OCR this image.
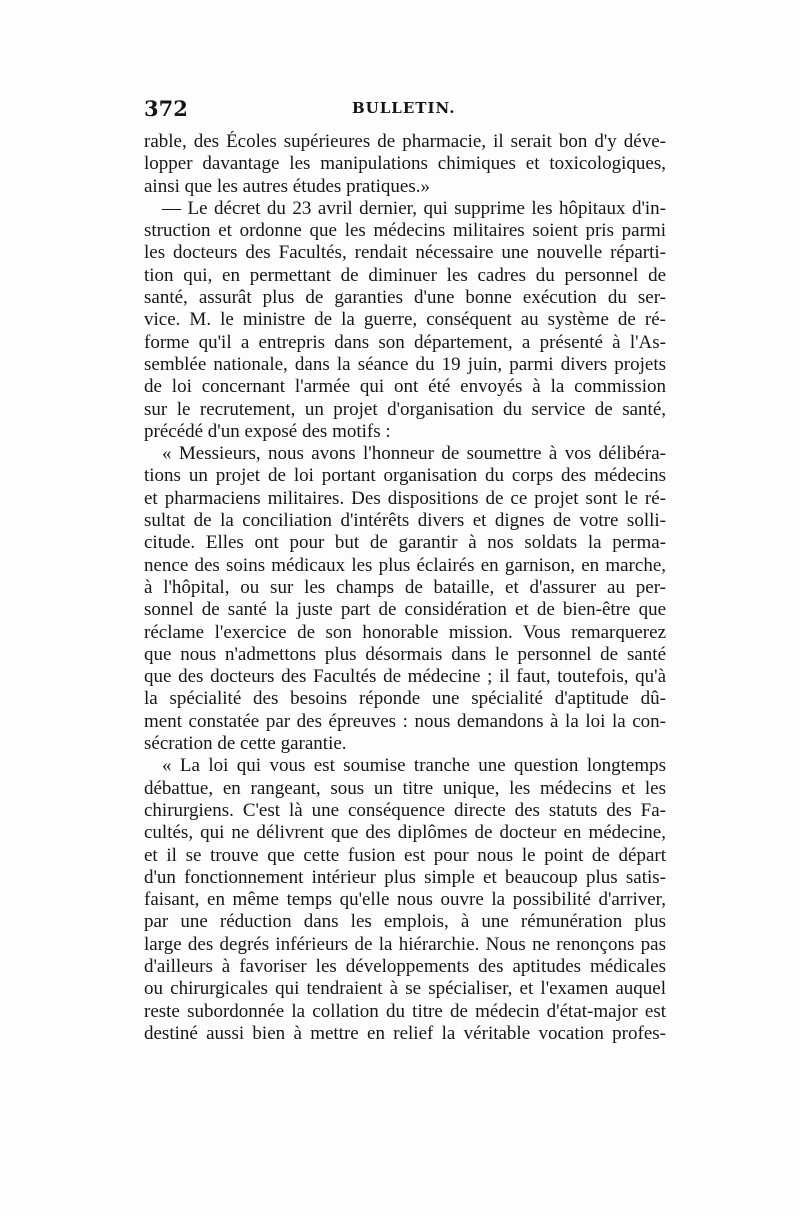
372	BULLETIN.
rable, des Écoles supérieures de pharmacie, il serait bon d'y déve-
lopper davantage les manipulations chimiques et toxicologiques,
ainsi que les autres études pratiques.»
— Le décret du 23 avril dernier, qui supprime les hôpitaux d'in-
struction et ordonne que les médecins militaires soient pris parmi
les docteurs des Facultés, rendait nécessaire une nouvelle réparti-
tion qui, en permettant de diminuer les cadres du personnel de
santé, assurât plus de garanties d'une bonne exécution du ser-
vice. M. le ministre de la guerre, conséquent au système de ré-
forme qu'il a entrepris dans son département, a présenté à l'As-
semblée nationale, dans la séance du 19 juin, parmi divers projets
de loi concernant l'armée qui ont été envoyés à la commission
sur le recrutement, un projet d'organisation du service de santé,
précédé d'un exposé des motifs :
« Messieurs, nous avons l'honneur de soumettre à vos délibéra-
tions un projet de loi portant organisation du corps des médecins
et pharmaciens militaires. Des dispositions de ce projet sont le ré-
sultat de la conciliation d'intérêts divers et dignes de votre solli-
citude. Elles ont pour but de garantir à nos soldats la perma-
nence des soins médicaux les plus éclairés en garnison, en marche,
à l'hôpital, ou sur les champs de bataille, et d'assurer au per-
sonnel de santé la juste part de considération et de bien-être que
réclame l'exercice de son honorable mission. Vous remarquerez
que nous n'admettons plus désormais dans le personnel de santé
que des docteurs des Facultés de médecine ; il faut, toutefois, qu'à
la spécialité des besoins réponde une spécialité d'aptitude dû-
ment constatée par des épreuves : nous demandons à la loi la con-
sécration de cette garantie.
« La loi qui vous est soumise tranche une question longtemps
débattue, en rangeant, sous un titre unique, les médecins et les
chirurgiens. C'est là une conséquence directe des statuts des Fa-
cultés, qui ne délivrent que des diplômes de docteur en médecine,
et il se trouve que cette fusion est pour nous le point de départ
d'un fonctionnement intérieur plus simple et beaucoup plus satis-
faisant, en même temps qu'elle nous ouvre la possibilité d'arriver,
par une réduction dans les emplois, à une rémunération plus
large des degrés inférieurs de la hiérarchie. Nous ne renonçons pas
d'ailleurs à favoriser les développements des aptitudes médicales
ou chirurgicales qui tendraient à se spécialiser, et l'examen auquel
reste subordonnée la collation du titre de médecin d'état-major est
destiné aussi bien à mettre en relief la véritable vocation profes-
